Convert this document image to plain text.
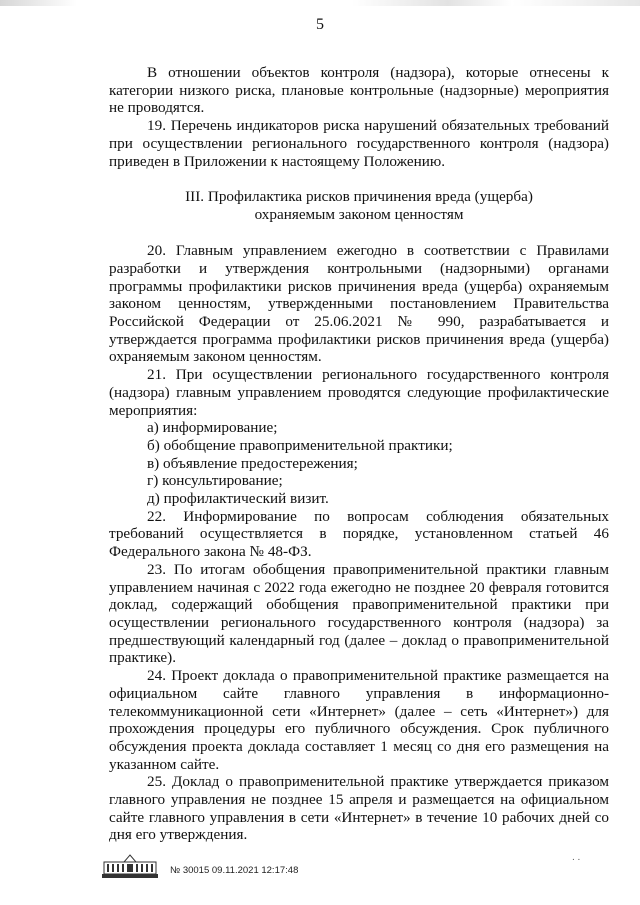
5

В отношении объектов контроля (надзора), которые отнесены к категории низкого риска, плановые контрольные (надзорные) мероприятия не проводятся.

19. Перечень индикаторов риска нарушений обязательных требований при осуществлении регионального государственного контроля (надзора) приведен в Приложении к настоящему Положению.

III. Профилактика рисков причинения вреда (ущерба)
охраняемым законом ценностям

20. Главным управлением ежегодно в соответствии с Правилами разработки и утверждения контрольными (надзорными) органами программы профилактики рисков причинения вреда (ущерба) охраняемым законом ценностям, утвержденными постановлением Правительства Российской Федерации от 25.06.2021 № 990, разрабатывается и утверждается программа профилактики рисков причинения вреда (ущерба) охраняемым законом ценностям.

21. При осуществлении регионального государственного контроля (надзора) главным управлением проводятся следующие профилактические мероприятия:

а) информирование;

б) обобщение правоприменительной практики;

в) объявление предостережения;

г) консультирование;

д) профилактический визит.

22. Информирование по вопросам соблюдения обязательных требований осуществляется в порядке, установленном статьей 46 Федерального закона № 48-ФЗ.

23. По итогам обобщения правоприменительной практики главным управлением начиная с 2022 года ежегодно не позднее 20 февраля готовится доклад, содержащий обобщения правоприменительной практики при осуществлении регионального государственного контроля (надзора) за предшествующий календарный год (далее – доклад о правоприменительной практике).

24. Проект доклада о правоприменительной практике размещается на официальном сайте главного управления в информационно-телекоммуникационной сети «Интернет» (далее – сеть «Интернет») для прохождения процедуры его публичного обсуждения. Срок публичного обсуждения проекта доклада составляет 1 месяц со дня его размещения на указанном сайте.

25. Доклад о правоприменительной практике утверждается приказом главного управления не позднее 15 апреля и размещается на официальном сайте главного управления в сети «Интернет» в течение 10 рабочих дней со дня его утверждения.

№ 30015 09.11.2021 12:17:48
. .
